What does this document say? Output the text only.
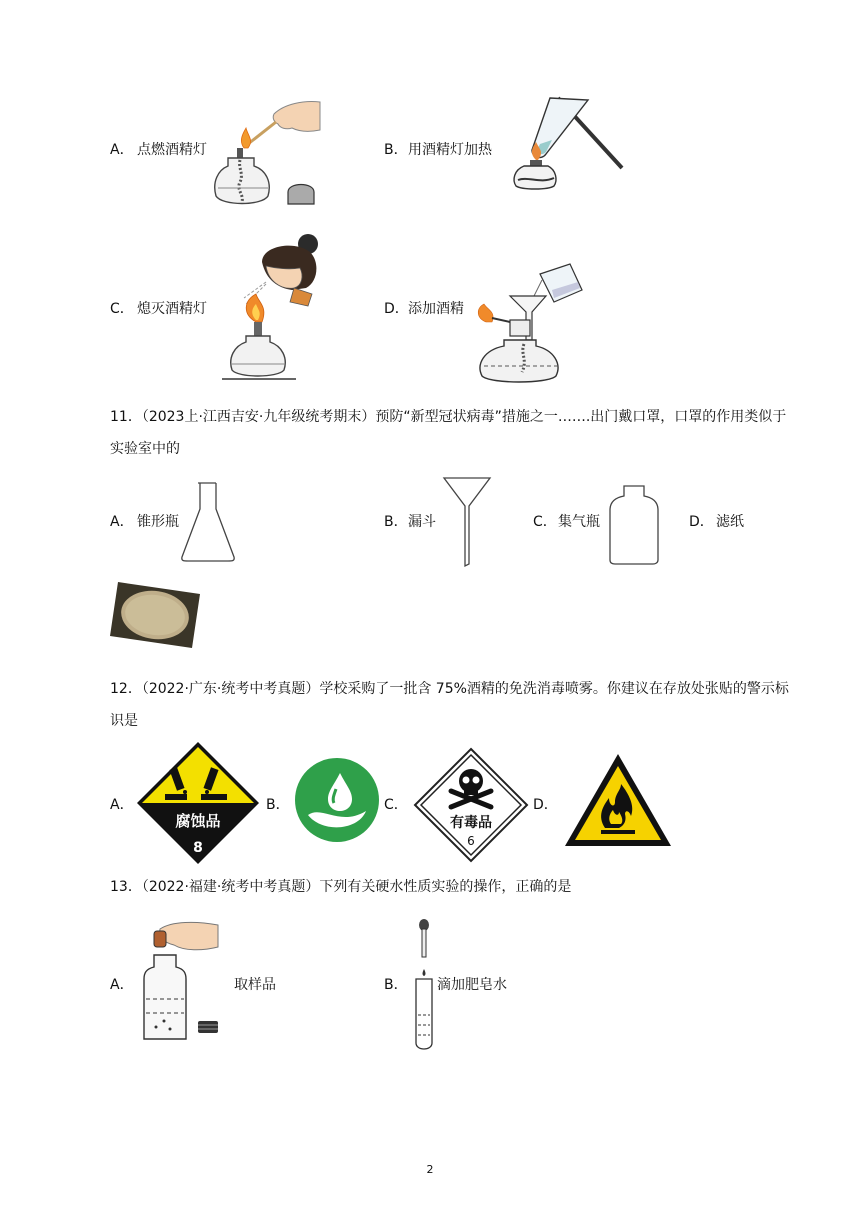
A． 点燃酒精灯	B． 用酒精灯加热
C． 熄灭酒精灯	D． 添加酒精
11．（2023上·江西吉安·九年级统考期末）预防“新型冠状病毒”措施之一…….出门戴口罩，口罩的作用类似于实验室中的
A． 锥形瓶	B． 漏斗	C． 集气瓶	D． 滤纸
12．（2022·广东·统考中考真题）学校采购了一批含 75%酒精的免洗消毒喷雾。你建议在存放处张贴的警示标识是
A．
腐蚀品
8
B．	C．
有毒品
6
D．
13．（2022·福建·统考中考真题）下列有关硬水性质实验的操作，正确的是
A．	取样品	B． 滴加肥皂水
2
